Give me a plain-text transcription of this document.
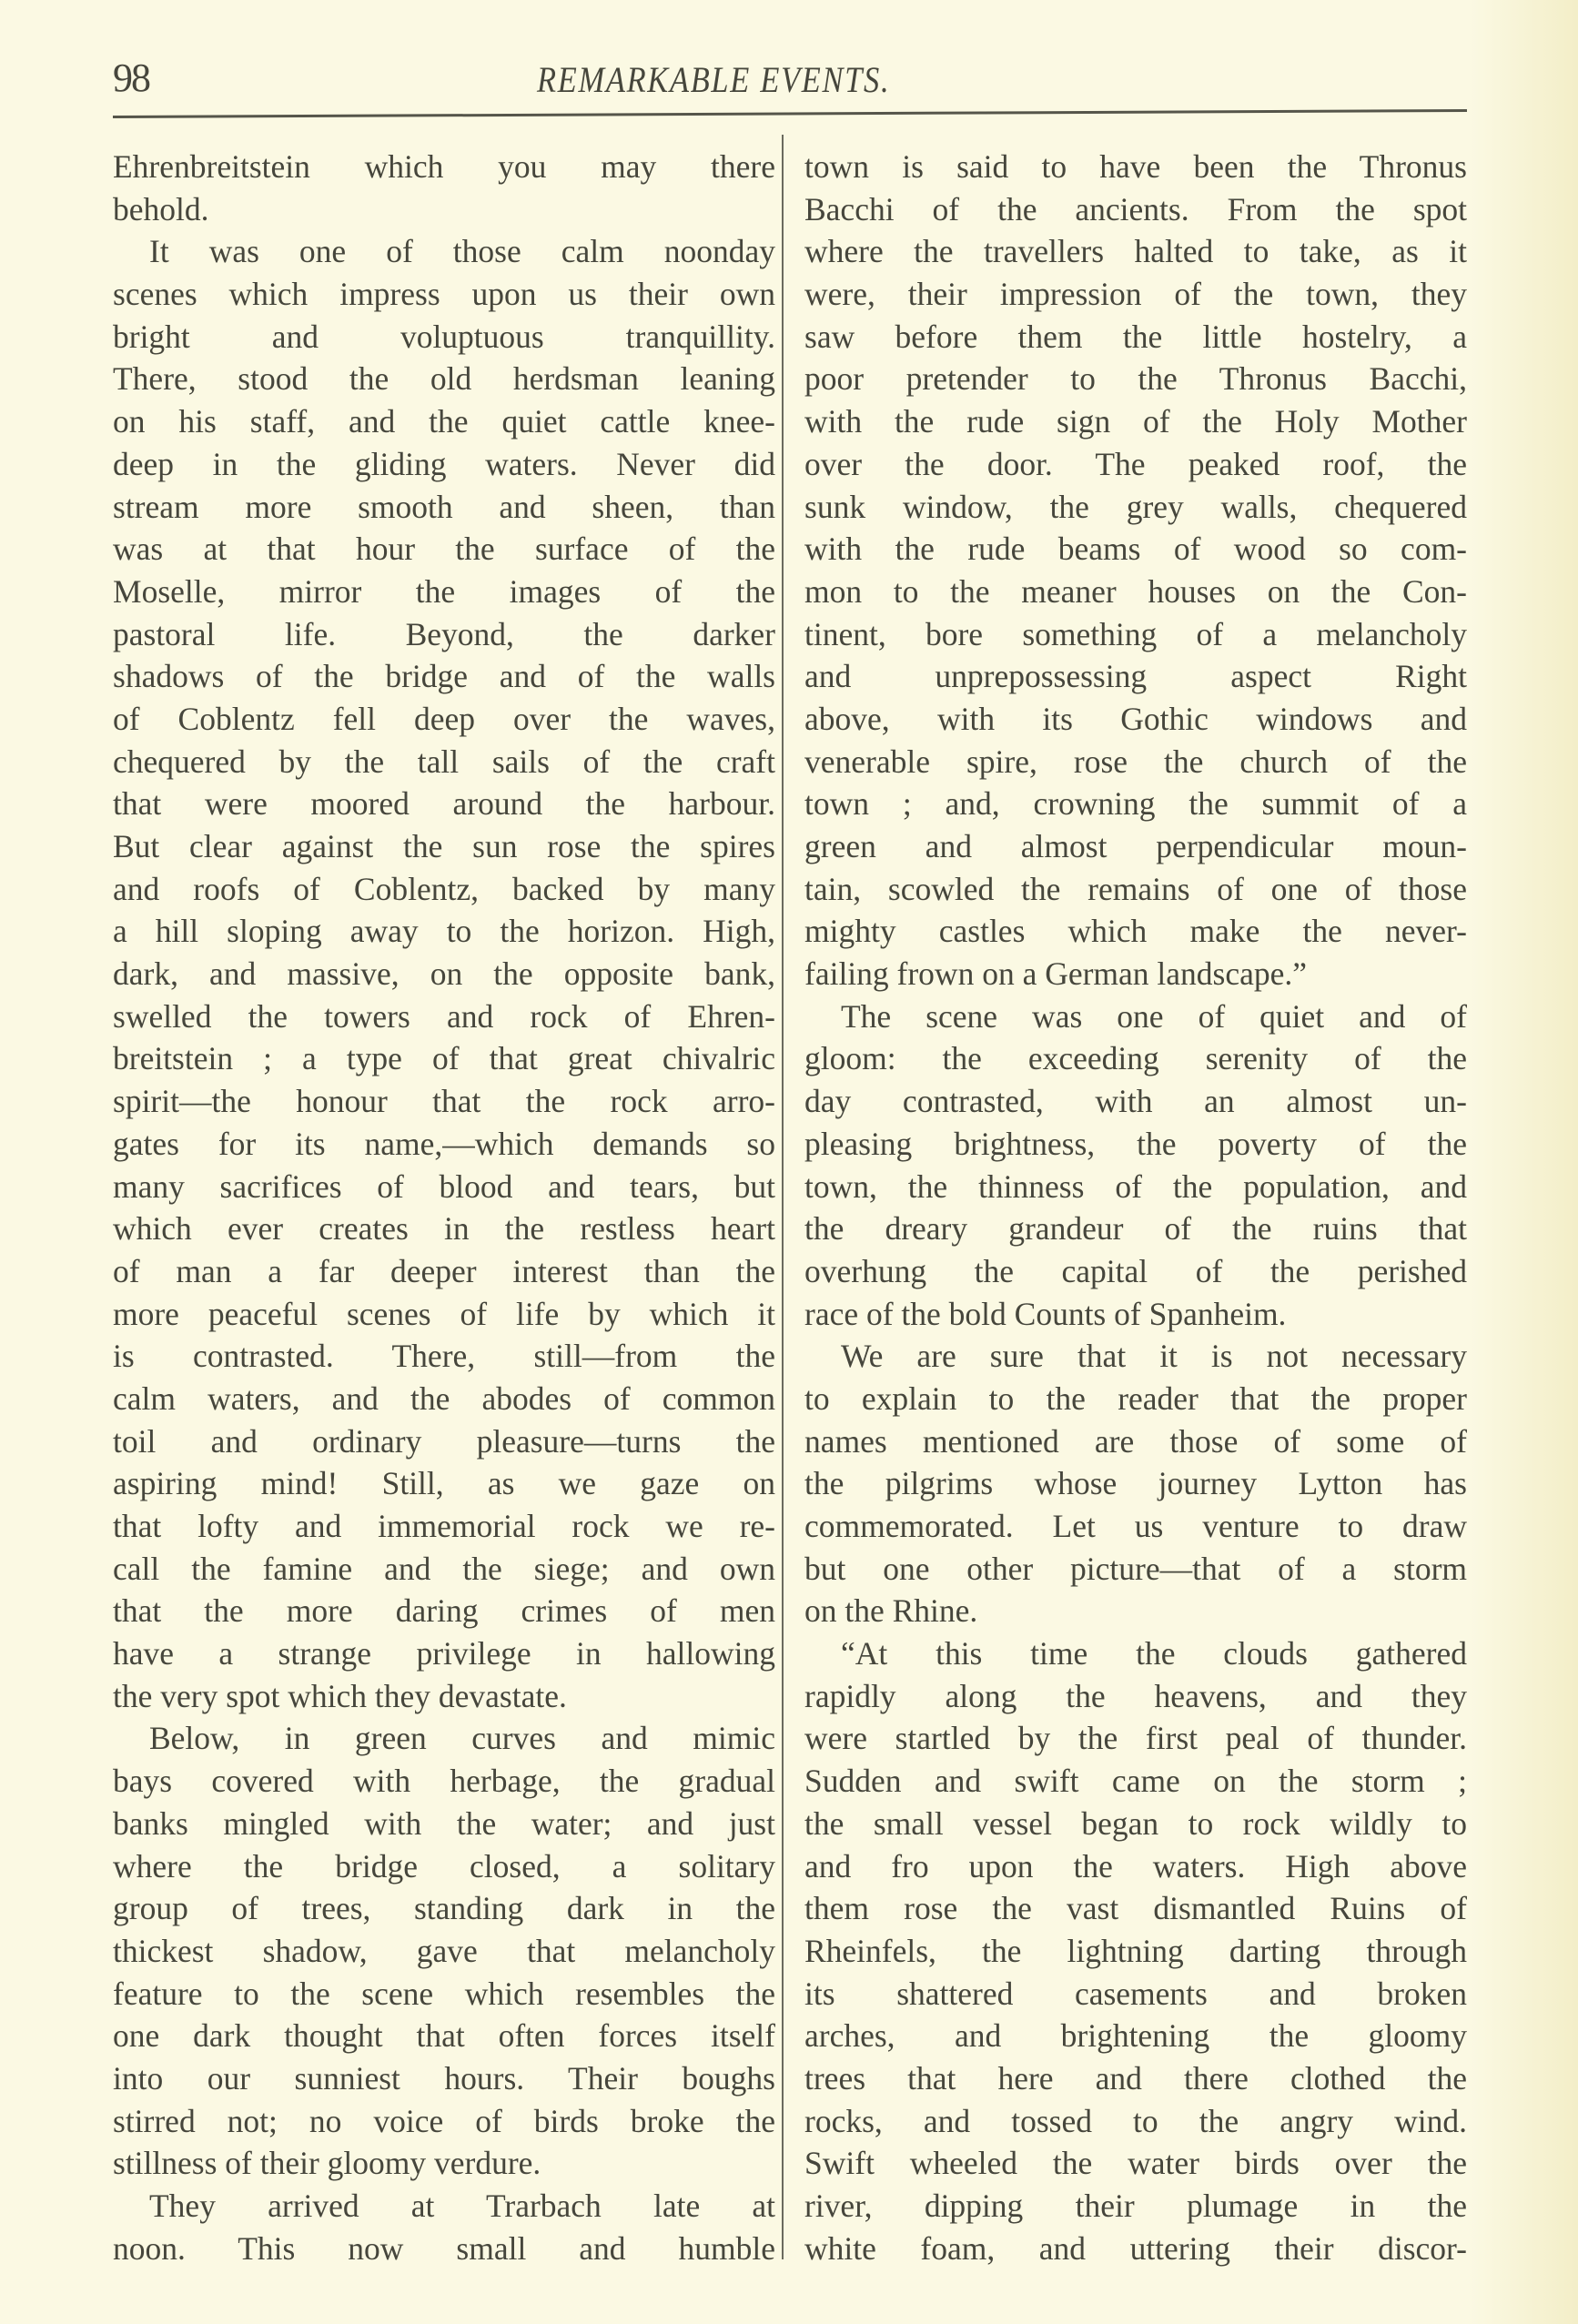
98	REMARKABLE EVENTS.
Ehrenbreitstein which you may there
behold.
It was one of those calm noonday
scenes which impress upon us their own
bright and voluptuous tranquillity.
There, stood the old herdsman leaning
on his staff, and the quiet cattle knee-
deep in the gliding waters. Never did
stream more smooth and sheen, than
was at that hour the surface of the
Moselle, mirror the images of the
pastoral life. Beyond, the darker
shadows of the bridge and of the walls
of Coblentz fell deep over the waves,
chequered by the tall sails of the craft
that were moored around the harbour.
But clear against the sun rose the spires
and roofs of Coblentz, backed by many
a hill sloping away to the horizon. High,
dark, and massive, on the opposite bank,
swelled the towers and rock of Ehren-
breitstein ; a type of that great chivalric
spirit—the honour that the rock arro-
gates for its name,—which demands so
many sacrifices of blood and tears, but
which ever creates in the restless heart
of man a far deeper interest than the
more peaceful scenes of life by which it
is contrasted. There, still—from the
calm waters, and the abodes of common
toil and ordinary pleasure—turns the
aspiring mind! Still, as we gaze on
that lofty and immemorial rock we re-
call the famine and the siege; and own
that the more daring crimes of men
have a strange privilege in hallowing
the very spot which they devastate.
Below, in green curves and mimic
bays covered with herbage, the gradual
banks mingled with the water; and just
where the bridge closed, a solitary
group of trees, standing dark in the
thickest shadow, gave that melancholy
feature to the scene which resembles the
one dark thought that often forces itself
into our sunniest hours. Their boughs
stirred not; no voice of birds broke the
stillness of their gloomy verdure.
They arrived at Trarbach late at
noon. This now small and humble
town is said to have been the Thronus
Bacchi of the ancients. From the spot
where the travellers halted to take, as it
were, their impression of the town, they
saw before them the little hostelry, a
poor pretender to the Thronus Bacchi,
with the rude sign of the Holy Mother
over the door. The peaked roof, the
sunk window, the grey walls, chequered
with the rude beams of wood so com-
mon to the meaner houses on the Con-
tinent, bore something of a melancholy
and unprepossessing aspect Right
above, with its Gothic windows and
venerable spire, rose the church of the
town ; and, crowning the summit of a
green and almost perpendicular moun-
tain, scowled the remains of one of those
mighty castles which make the never-
failing frown on a German landscape.”
The scene was one of quiet and of
gloom: the exceeding serenity of the
day contrasted, with an almost un-
pleasing brightness, the poverty of the
town, the thinness of the population, and
the dreary grandeur of the ruins that
overhung the capital of the perished
race of the bold Counts of Spanheim.
We are sure that it is not necessary
to explain to the reader that the proper
names mentioned are those of some of
the pilgrims whose journey Lytton has
commemorated. Let us venture to draw
but one other picture—that of a storm
on the Rhine.
“At this time the clouds gathered
rapidly along the heavens, and they
were startled by the first peal of thunder.
Sudden and swift came on the storm ;
the small vessel began to rock wildly to
and fro upon the waters. High above
them rose the vast dismantled Ruins of
Rheinfels, the lightning darting through
its shattered casements and broken
arches, and brightening the gloomy
trees that here and there clothed the
rocks, and tossed to the angry wind.
Swift wheeled the water birds over the
river, dipping their plumage in the
white foam, and uttering their discor-
